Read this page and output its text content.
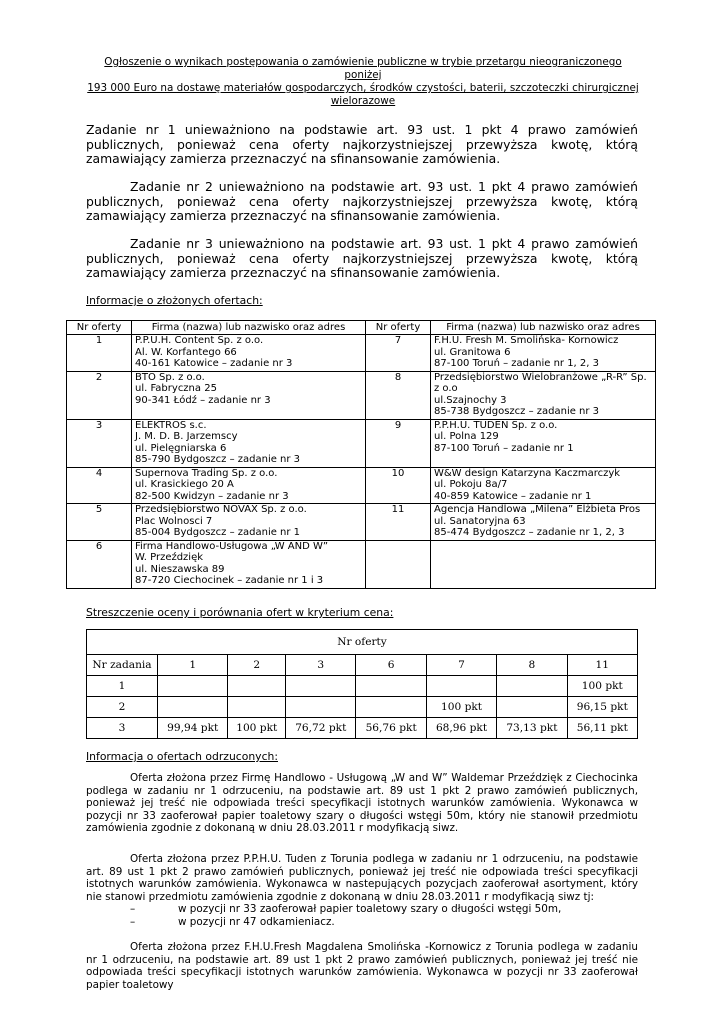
Ogłoszenie o wynikach postępowania o zamówienie publiczne w trybie przetargu nieograniczonego poniżej
193 000 Euro na dostawę materiałów gospodarczych, środków czystości, baterii, szczoteczki chirurgicznej
wielorazowe

Zadanie nr 1 unieważniono na podstawie art. 93 ust. 1 pkt 4 prawo zamówień publicznych, ponieważ cena oferty najkorzystniejszej przewyższa kwotę, którą zamawiający zamierza przeznaczyć na sfinansowanie zamówienia.

Zadanie nr 2 unieważniono na podstawie art. 93 ust. 1 pkt 4 prawo zamówień publicznych, ponieważ cena oferty najkorzystniejszej przewyższa kwotę, którą zamawiający zamierza przeznaczyć na sfinansowanie zamówienia.

Zadanie nr 3 unieważniono na podstawie art. 93 ust. 1 pkt 4 prawo zamówień publicznych, ponieważ cena oferty najkorzystniejszej przewyższa kwotę, którą zamawiający zamierza przeznaczyć na sfinansowanie zamówienia.

Informacje o złożonych ofertach:

Nr oferty	Firma (nazwa) lub nazwisko oraz adres	Nr oferty	Firma (nazwa) lub nazwisko oraz adres
1	P.P.U.H. Content Sp. z o.o.
Al. W. Korfantego 66
40-161 Katowice – zadanie nr 3	7	F.H.U. Fresh M. Smolińska- Kornowicz
ul. Granitowa 6
87-100 Toruń – zadanie nr 1, 2, 3
2	BTO Sp. z o.o.
ul. Fabryczna 25
90-341 Łódź – zadanie nr 3	8	Przedsiębiorstwo Wielobranżowe „R-R” Sp. z o.o
ul.Szajnochy 3
85-738 Bydgoszcz – zadanie nr 3
3	ELEKTROS s.c.
J. M. D. B. Jarzemscy
ul. Pielęgniarska 6
85-790 Bydgoszcz – zadanie nr 3	9	P.P.H.U. TUDEN Sp. z o.o.
ul. Polna 129
87-100 Toruń – zadanie nr 1
4	Supernova Trading Sp. z o.o.
ul. Krasickiego 20 A
82-500 Kwidzyn – zadanie nr 3	10	W&W design Katarzyna Kaczmarczyk
ul. Pokoju 8a/7
40-859 Katowice – zadanie nr 1
5	Przedsiębiorstwo NOVAX Sp. z o.o.
Plac Wolnosci 7
85-004 Bydgoszcz – zadanie nr 1	11	Agencja Handlowa „Milena” Elżbieta Pros
ul. Sanatoryjna 63
85-474 Bydgoszcz – zadanie nr 1, 2, 3
6	Firma Handlowo-Usługowa „W AND W”
W. Przeździęk
ul. Nieszawska 89
87-720 Ciechocinek – zadanie nr 1 i 3		

Streszczenie oceny i porównania ofert w kryterium cena:

Nr oferty							
Nr zadania	1	2	3	6	7	8	11
1							100 pkt
2					100 pkt		96,15 pkt
3	99,94 pkt	100 pkt	76,72 pkt	56,76 pkt	68,96 pkt	73,13 pkt	56,11 pkt

Informacja o ofertach odrzuconych:

Oferta złożona przez Firmę Handlowo - Usługową „W and W” Waldemar Przeździęk z Ciechocinka podlega w zadaniu nr 1 odrzuceniu, na podstawie art. 89 ust 1 pkt 2 prawo zamówień publicznych, ponieważ jej treść nie odpowiada treści specyfikacji istotnych warunków zamówienia. Wykonawca w pozycji nr 33 zaoferował papier toaletowy szary o długości wstęgi 50m, który nie stanowił przedmiotu zamówienia zgodnie z dokonaną w dniu 28.03.2011 r modyfikacją siwz.

Oferta złożona przez P.P.H.U. Tuden z Torunia podlega w zadaniu nr 1 odrzuceniu, na podstawie art. 89 ust 1 pkt 2 prawo zamówień publicznych, ponieważ jej treść nie odpowiada treści specyfikacji istotnych warunków zamówienia. Wykonawca w nastepujących pozycjach zaoferował asortyment, który nie stanowi przedmiotu zamówienia zgodnie z dokonaną w dniu 28.03.2011 r modyfikacją siwz tj:

–	w pozycji nr 33 zaoferował papier toaletowy szary o długości wstęgi 50m,
–	w pozycji nr 47 odkamieniacz.

Oferta złożona przez F.H.U.Fresh Magdalena Smolińska -Kornowicz z Torunia podlega w zadaniu nr 1 odrzuceniu, na podstawie art. 89 ust 1 pkt 2 prawo zamówień publicznych, ponieważ jej treść nie odpowiada treści specyfikacji istotnych warunków zamówienia. Wykonawca w pozycji nr 33 zaoferował papier toaletowy
